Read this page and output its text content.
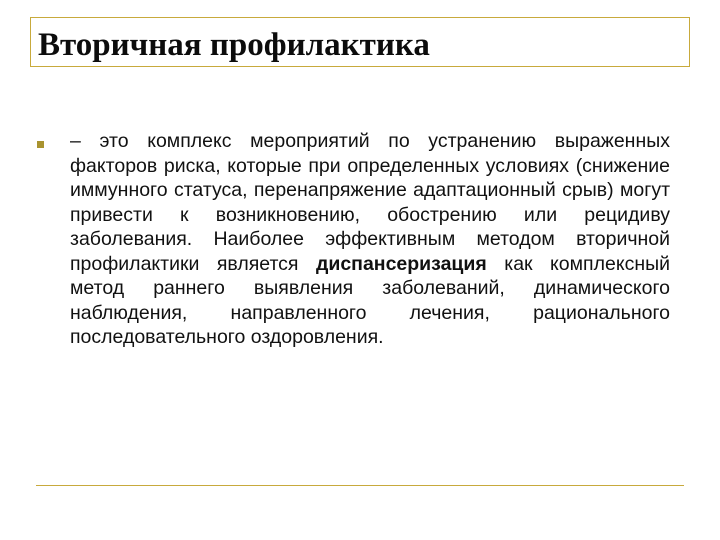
Вторичная профилактика

– это комплекс мероприятий по устранению выраженных факторов риска, которые при определенных условиях (снижение иммунного статуса, перенапряжение адаптационный срыв) могут привести к возникновению, обострению или рецидиву заболевания. Наиболее эффективным методом вторичной профилактики является диспансеризация как комплексный метод раннего выявления заболеваний, динамического наблюдения, направленного лечения, рационального последовательного оздоровления.
